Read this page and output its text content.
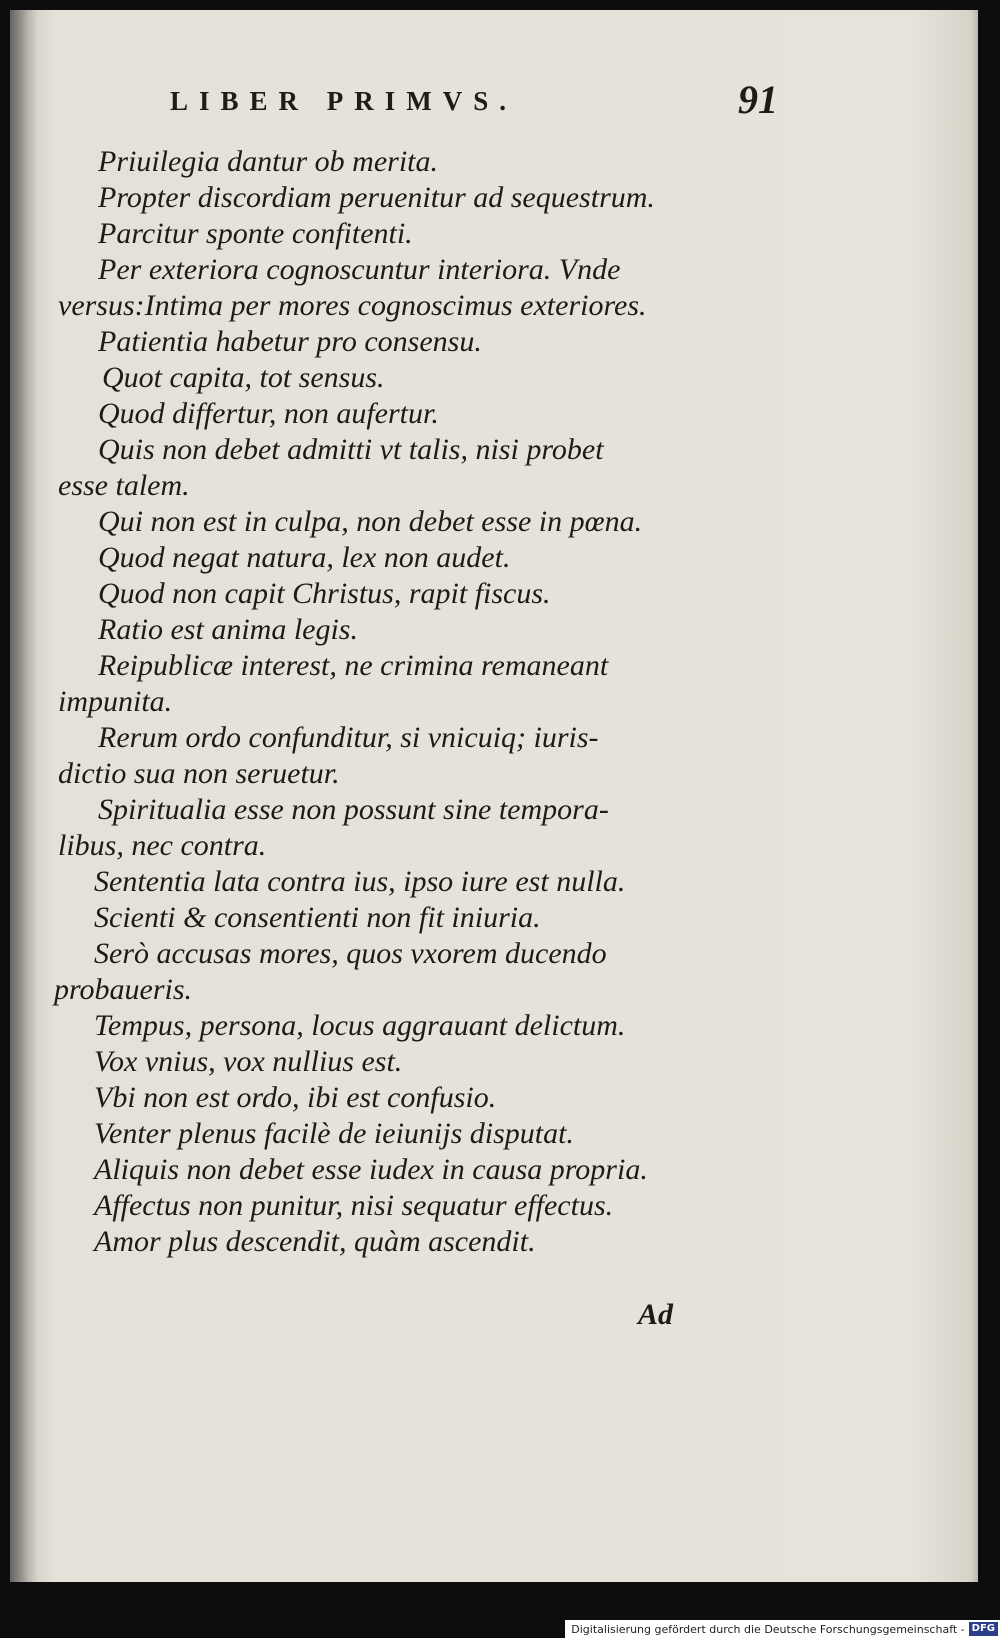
LIBER PRIMVS.	91
Priuilegia dantur ob merita.
Propter discordiam peruenitur ad sequestrum.
Parcitur sponte confitenti.
Per exteriora cognoscuntur interiora. Vnde
versus:Intima per mores cognoscimus exteriores.
Patientia habetur pro consensu.
Quot capita, tot sensus.
Quod differtur, non aufertur.
Quis non debet admitti vt talis, nisi probet
esse talem.
Qui non est in culpa, non debet esse in pœna.
Quod negat natura, lex non audet.
Quod non capit Christus, rapit fiscus.
Ratio est anima legis.
Reipublicæ interest, ne crimina remaneant
impunita.
Rerum ordo confunditur, si vnicuiq; iuris-
dictio sua non seruetur.
Spiritualia esse non possunt sine tempora-
libus, nec contra.
Sententia lata contra ius, ipso iure est nulla.
Scienti & consentienti non fit iniuria.
Serò accusas mores, quos vxorem ducendo
probaueris.
Tempus, persona, locus aggrauant delictum.
Vox vnius, vox nullius est.
Vbi non est ordo, ibi est confusio.
Venter plenus facilè de ieiunijs disputat.
Aliquis non debet esse iudex in causa propria.
Affectus non punitur, nisi sequatur effectus.
Amor plus descendit, quàm ascendit.
Ad
Digitalisierung gefördert durch die Deutsche Forschungsgemeinschaft - DFG
